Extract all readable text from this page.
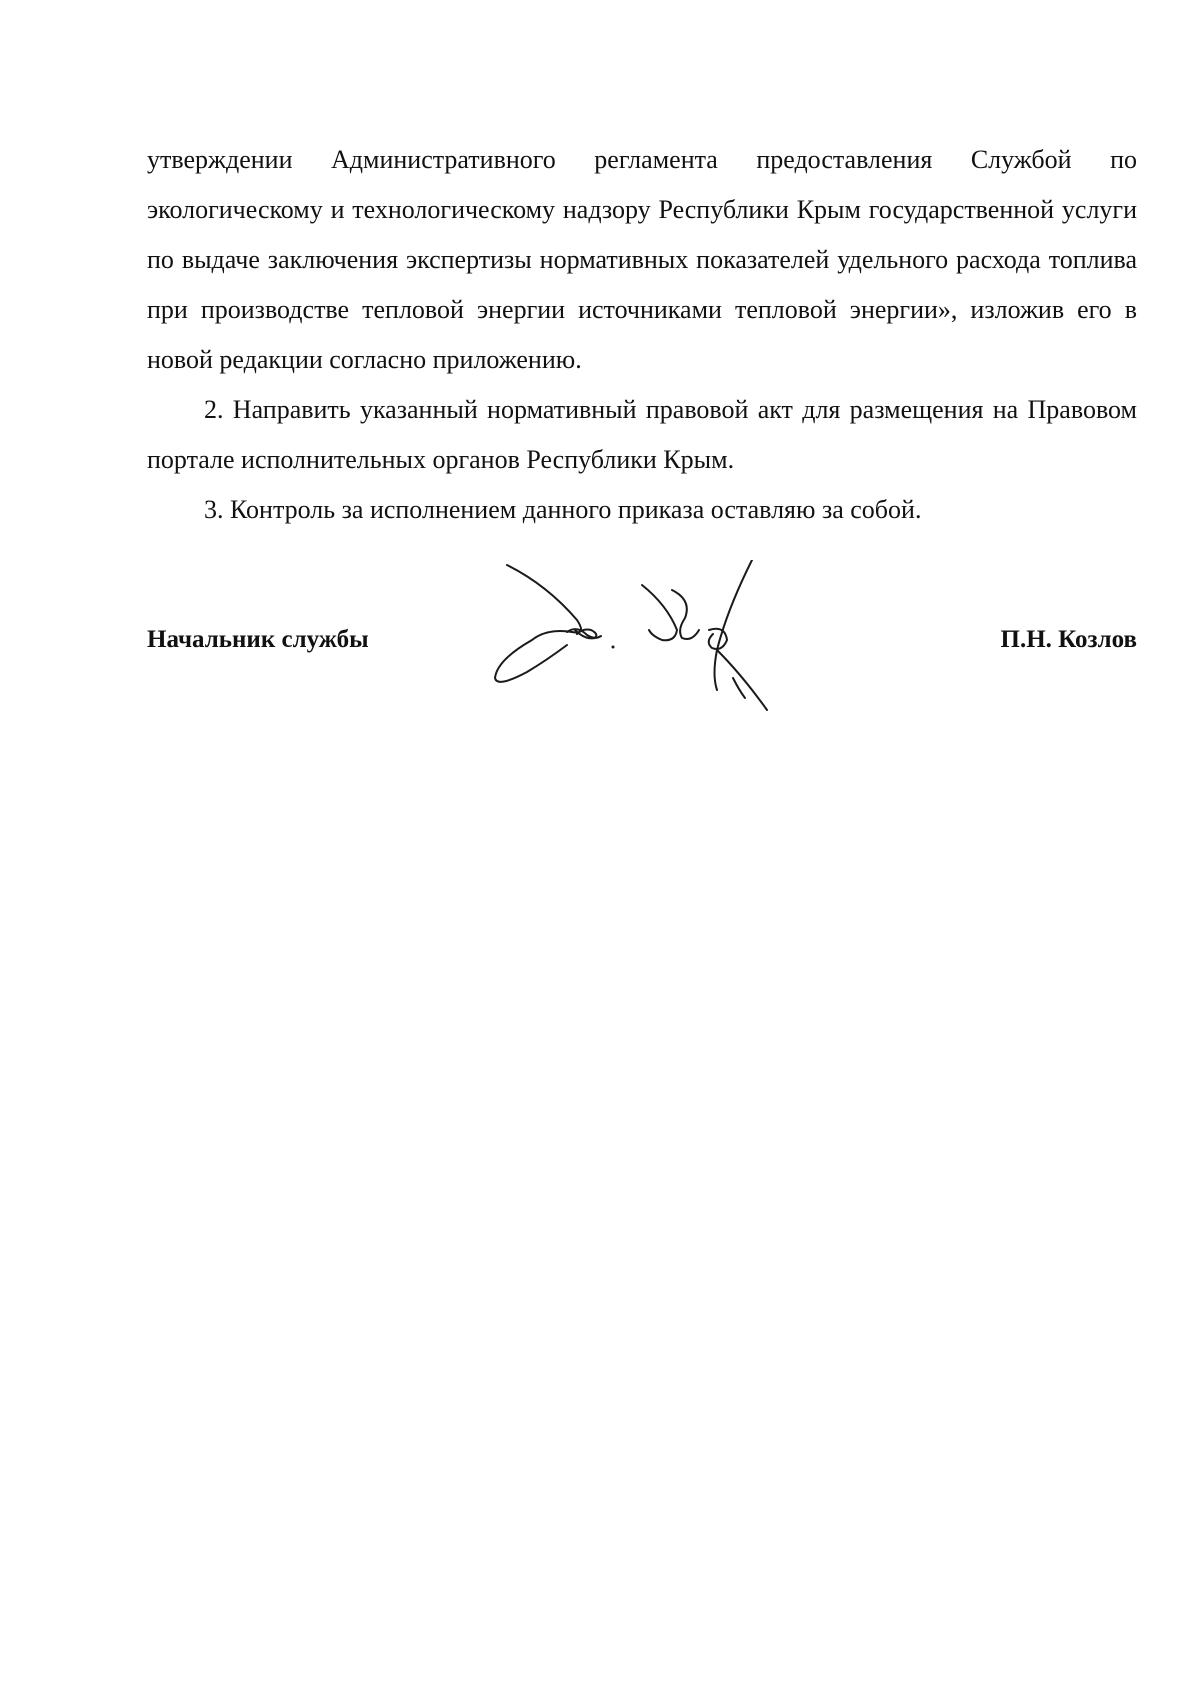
утверждении Административного регламента предоставления Службой по экологическому и технологическому надзору Республики Крым государственной услуги по выдаче заключения экспертизы нормативных показателей удельного расхода топлива при производстве тепловой энергии источниками тепловой энергии», изложив его в новой редакции согласно приложению.

2. Направить указанный нормативный правовой акт для размещения на Правовом портале исполнительных органов Республики Крым.

3. Контроль за исполнением данного приказа оставляю за собой.

Начальник службы	П.Н. Козлов
